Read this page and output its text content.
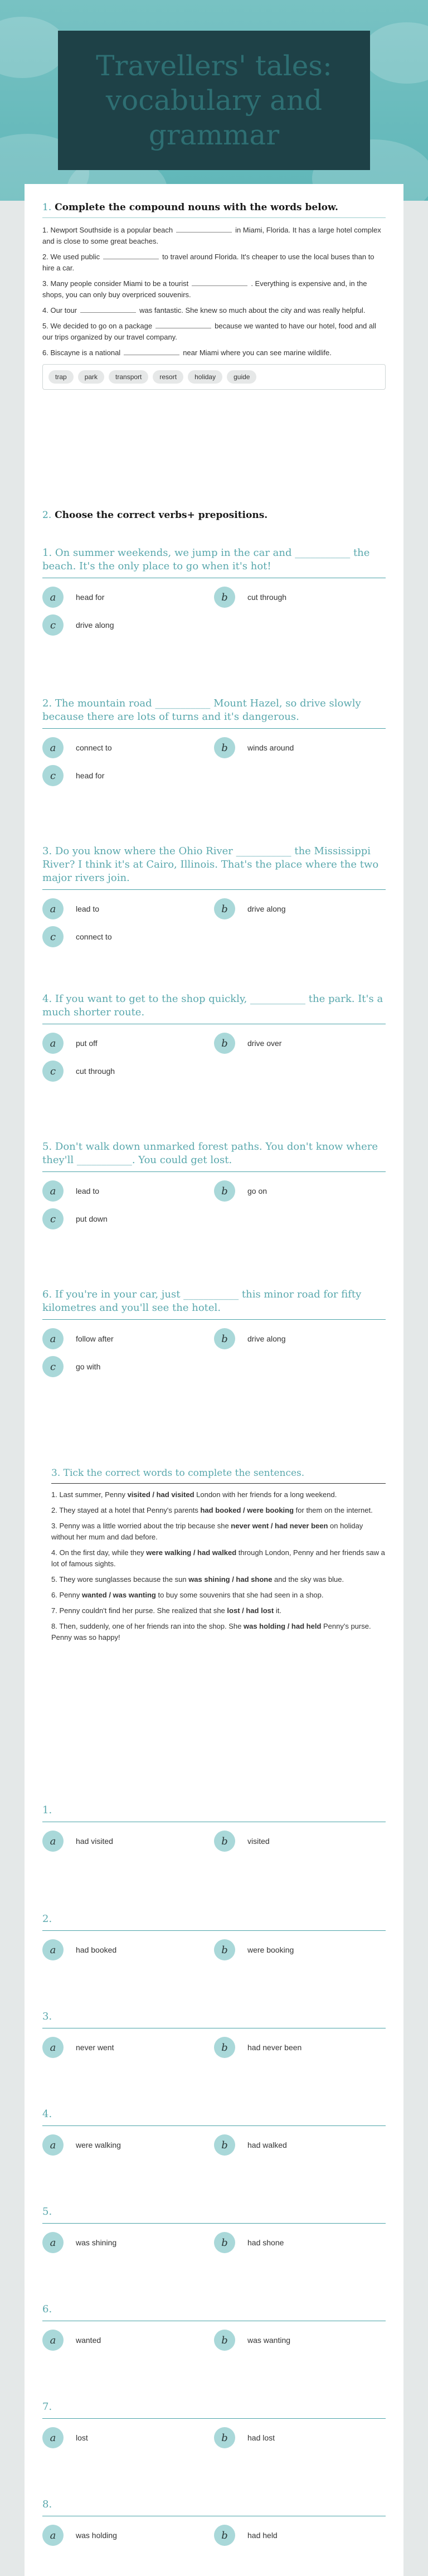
Travellers' tales: vocabulary and grammar
1. Complete the compound nouns with the words below.

1. Newport Southside is a popular beach	in Miami, Florida. It has a large hotel complex and is close to some great beaches.

2. We used public	to travel around Florida. It's cheaper to use the local buses than to hire a car.

3. Many people consider Miami to be a tourist	. Everything is expensive and, in the shops, you can only buy overpriced souvenirs.

4. Our tour	was fantastic. She knew so much about the city and was really helpful.

5. We decided to go on a package	because we wanted to have our hotel, food and all our trips organized by our travel company.

6. Biscayne is a national	near Miami where you can see marine wildlife.

trap	park	transport	resort	holiday	guide
2. Choose the correct verbs+ prepositions.
1. On summer weekends, we jump in the car and ___________ the beach. It's the only place to go when it's hot!
a	head for	b	cut through
c	drive along
2. The mountain road ___________ Mount Hazel, so drive slowly because there are lots of turns and it's dangerous.
a	connect to	b	winds around
c	head for
3. Do you know where the Ohio River ___________ the Mississippi River? I think it's at Cairo, Illinois. That's the place where the two major rivers join.
a	lead to	b	drive along
c	connect to
4. If you want to get to the shop quickly, ___________ the park. It's a much shorter route.
a	put off	b	drive over
c	cut through
5. Don't walk down unmarked forest paths. You don't know where they'll ___________. You could get lost.
a	lead to	b	go on
c	put down
6. If you're in your car, just ___________ this minor road for fifty kilometres and you'll see the hotel.
a	follow after	b	drive along
c	go with
3. Tick the correct words to complete the sentences.

1. Last summer, Penny visited / had visited London with her friends for a long weekend.

2. They stayed at a hotel that Penny's parents had booked / were booking for them on the internet.

3. Penny was a little worried about the trip because she never went / had never been on holiday without her mum and dad before.

4. On the first day, while they were walking / had walked through London, Penny and her friends saw a lot of famous sights.

5. They wore sunglasses because the sun was shining / had shone and the sky was blue.

6. Penny wanted / was wanting to buy some souvenirs that she had seen in a shop.

7. Penny couldn't find her purse. She realized that she lost / had lost it.

8. Then, suddenly, one of her friends ran into the shop. She was holding / had held Penny's purse. Penny was so happy!

1.
a	had visited	b	visited
2.
a	had booked	b	were booking
3.
a	never went	b	had never been
4.
a	were walking	b	had walked
5.
a	was shining	b	had shone
6.
a	wanted	b	was wanting
7.
a	lost	b	had lost
8.
a	was holding	b	had held
